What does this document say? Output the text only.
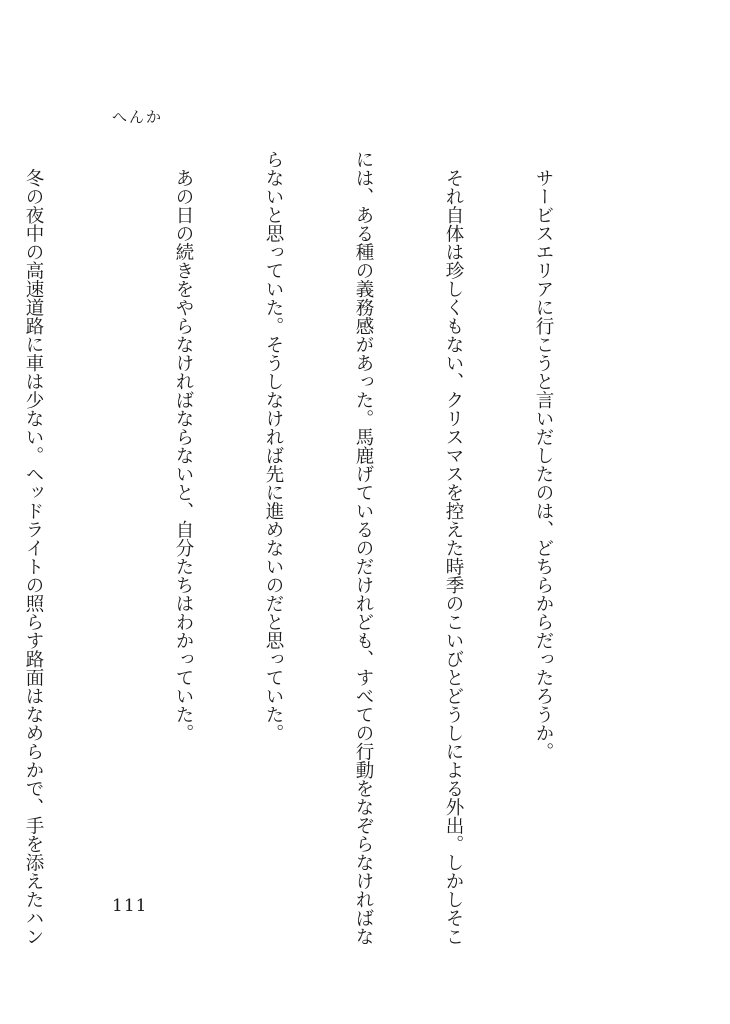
へんか

　サービスエリアに行こうと言いだしたのは、どちらからだったろうか。

　それ自体は珍しくもない、クリスマスを控えた時季のこいびとどうしによる外出。しかしそこ

には、ある種の義務感があった。馬鹿げているのだけれども、すべての行動をなぞらなければな

らないと思っていた。そうしなければ先に進めないのだと思っていた。

　あの日の続きをやらなければならないと、自分たちはわかっていた。

　冬の夜中の高速道路に車は少ない。ヘッドライトの照らす路面はなめらかで、手を添えたハン

	111
